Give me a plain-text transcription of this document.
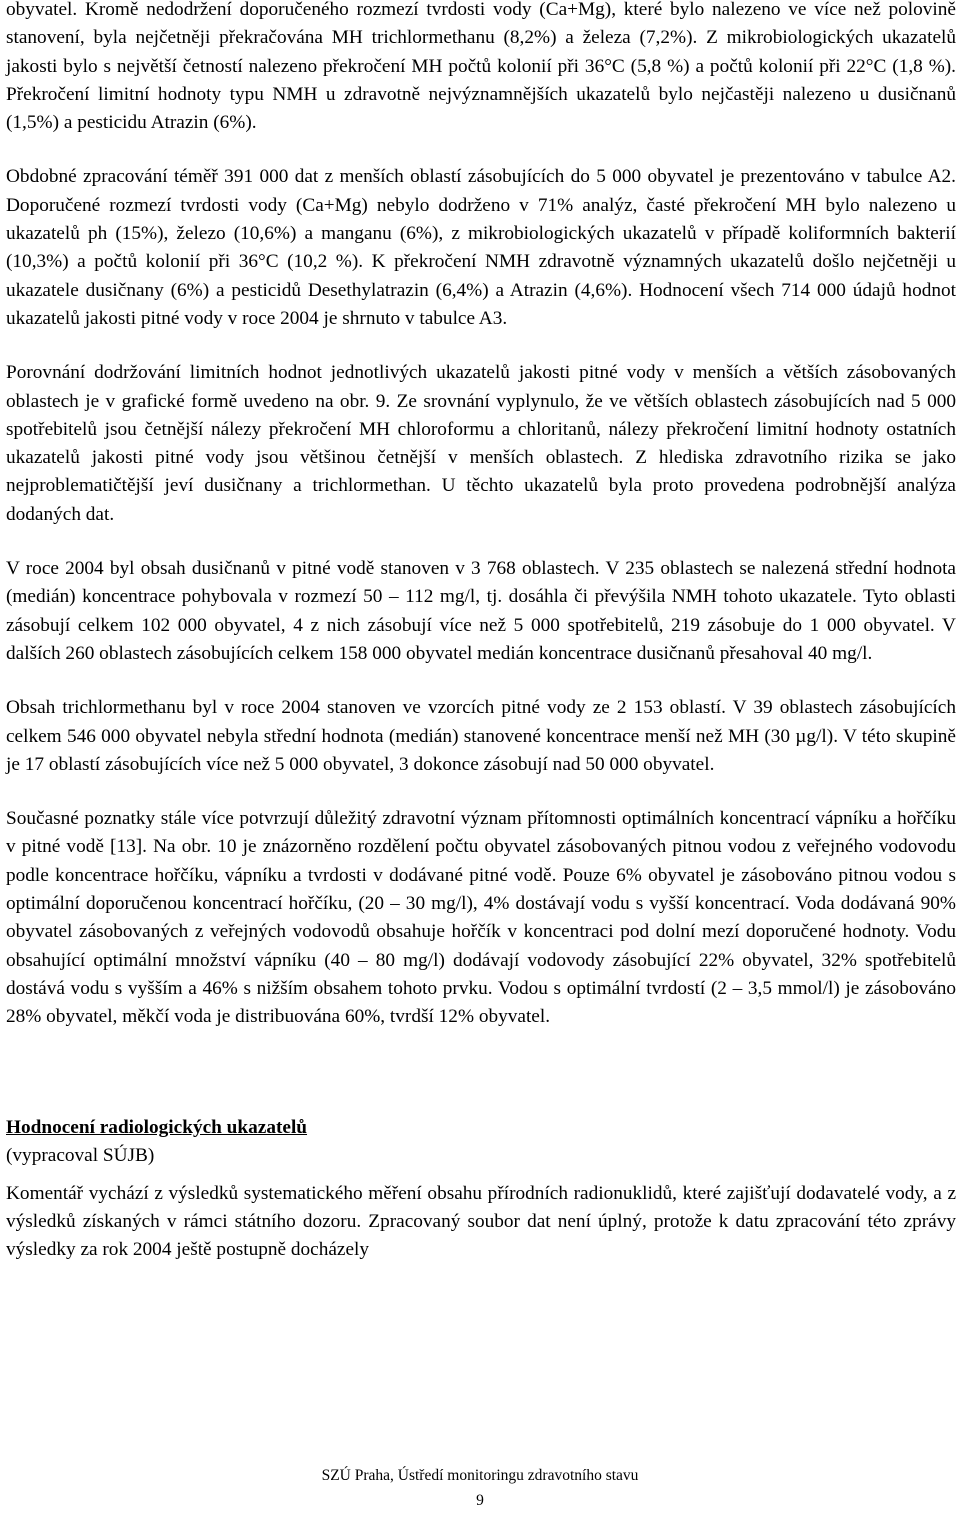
obyvatel. Kromě nedodržení doporučeného rozmezí tvrdosti vody (Ca+Mg), které bylo nalezeno ve více než polovině stanovení, byla nejčetněji překračována MH trichlormethanu (8,2%) a železa (7,2%). Z mikrobiologických ukazatelů jakosti bylo s největší četností nalezeno překročení MH počtů kolonií při 36°C (5,8 %) a počtů kolonií při 22°C (1,8 %). Překročení limitní hodnoty typu NMH u zdravotně nejvýznamnějších ukazatelů bylo nejčastěji nalezeno u dusičnanů (1,5%) a pesticidu Atrazin (6%).

Obdobné zpracování téměř 391 000 dat z menších oblastí zásobujících do 5 000 obyvatel je prezentováno v tabulce A2. Doporučené rozmezí tvrdosti vody (Ca+Mg) nebylo dodrženo v 71% analýz, časté překročení MH bylo nalezeno u ukazatelů ph (15%), železo (10,6%) a manganu (6%), z mikrobiologických ukazatelů v případě koliformních bakterií (10,3%) a počtů kolonií při 36°C (10,2 %). K překročení NMH zdravotně významných ukazatelů došlo nejčetněji u ukazatele dusičnany (6%) a pesticidů Desethylatrazin (6,4%) a Atrazin (4,6%). Hodnocení všech 714 000 údajů hodnot ukazatelů jakosti pitné vody v roce 2004 je shrnuto v tabulce A3.

Porovnání dodržování limitních hodnot jednotlivých ukazatelů jakosti pitné vody v menších a větších zásobovaných oblastech je v grafické formě uvedeno na obr. 9. Ze srovnání vyplynulo, že ve větších oblastech zásobujících nad 5 000 spotřebitelů jsou četnější nálezy překročení MH chloroformu a chloritanů, nálezy překročení limitní hodnoty ostatních ukazatelů jakosti pitné vody jsou většinou četnější v menších oblastech. Z hlediska zdravotního rizika se jako nejproblematičtější jeví dusičnany a trichlormethan. U těchto ukazatelů byla proto provedena podrobnější analýza dodaných dat.

V roce 2004 byl obsah dusičnanů v pitné vodě stanoven v 3 768 oblastech. V 235 oblastech se nalezená střední hodnota (medián) koncentrace pohybovala v rozmezí 50 – 112 mg/l, tj. dosáhla či převýšila NMH tohoto ukazatele. Tyto oblasti zásobují celkem 102 000 obyvatel, 4 z nich zásobují více než 5 000 spotřebitelů, 219 zásobuje do 1 000 obyvatel. V dalších 260 oblastech zásobujících celkem 158 000 obyvatel medián koncentrace dusičnanů přesahoval 40 mg/l.

Obsah trichlormethanu byl v roce 2004 stanoven ve vzorcích pitné vody ze 2 153 oblastí. V 39 oblastech zásobujících celkem 546 000 obyvatel nebyla střední hodnota (medián) stanovené koncentrace menší než MH (30 µg/l). V této skupině je 17 oblastí zásobujících více než 5 000 obyvatel, 3 dokonce zásobují nad 50 000 obyvatel.

Současné poznatky stále více potvrzují důležitý zdravotní význam přítomnosti optimálních koncentrací vápníku a hořčíku v pitné vodě [13]. Na obr. 10 je znázorněno rozdělení počtu obyvatel zásobovaných pitnou vodou z veřejného vodovodu podle koncentrace hořčíku, vápníku a tvrdosti v dodávané pitné vodě. Pouze 6% obyvatel je zásobováno pitnou vodou s optimální doporučenou koncentrací hořčíku, (20 – 30 mg/l), 4% dostávají vodu s vyšší koncentrací. Voda dodávaná 90% obyvatel zásobovaných z veřejných vodovodů obsahuje hořčík v koncentraci pod dolní mezí doporučené hodnoty. Vodu obsahující optimální množství vápníku (40 – 80 mg/l) dodávají vodovody zásobující 22% obyvatel, 32% spotřebitelů dostává vodu s vyšším a 46% s nižším obsahem tohoto prvku. Vodou s optimální tvrdostí (2 – 3,5 mmol/l) je zásobováno 28% obyvatel, měkčí voda je distribuována 60%, tvrdší 12% obyvatel.

Hodnocení radiologických ukazatelů

(vypracoval SÚJB)

Komentář vychází z výsledků systematického měření obsahu přírodních radionuklidů, které zajišťují dodavatelé vody, a z výsledků získaných v rámci státního dozoru. Zpracovaný soubor dat není úplný, protože k datu zpracování této zprávy výsledky za rok 2004 ještě postupně docházely

SZÚ Praha, Ústředí monitoringu zdravotního stavu
9
